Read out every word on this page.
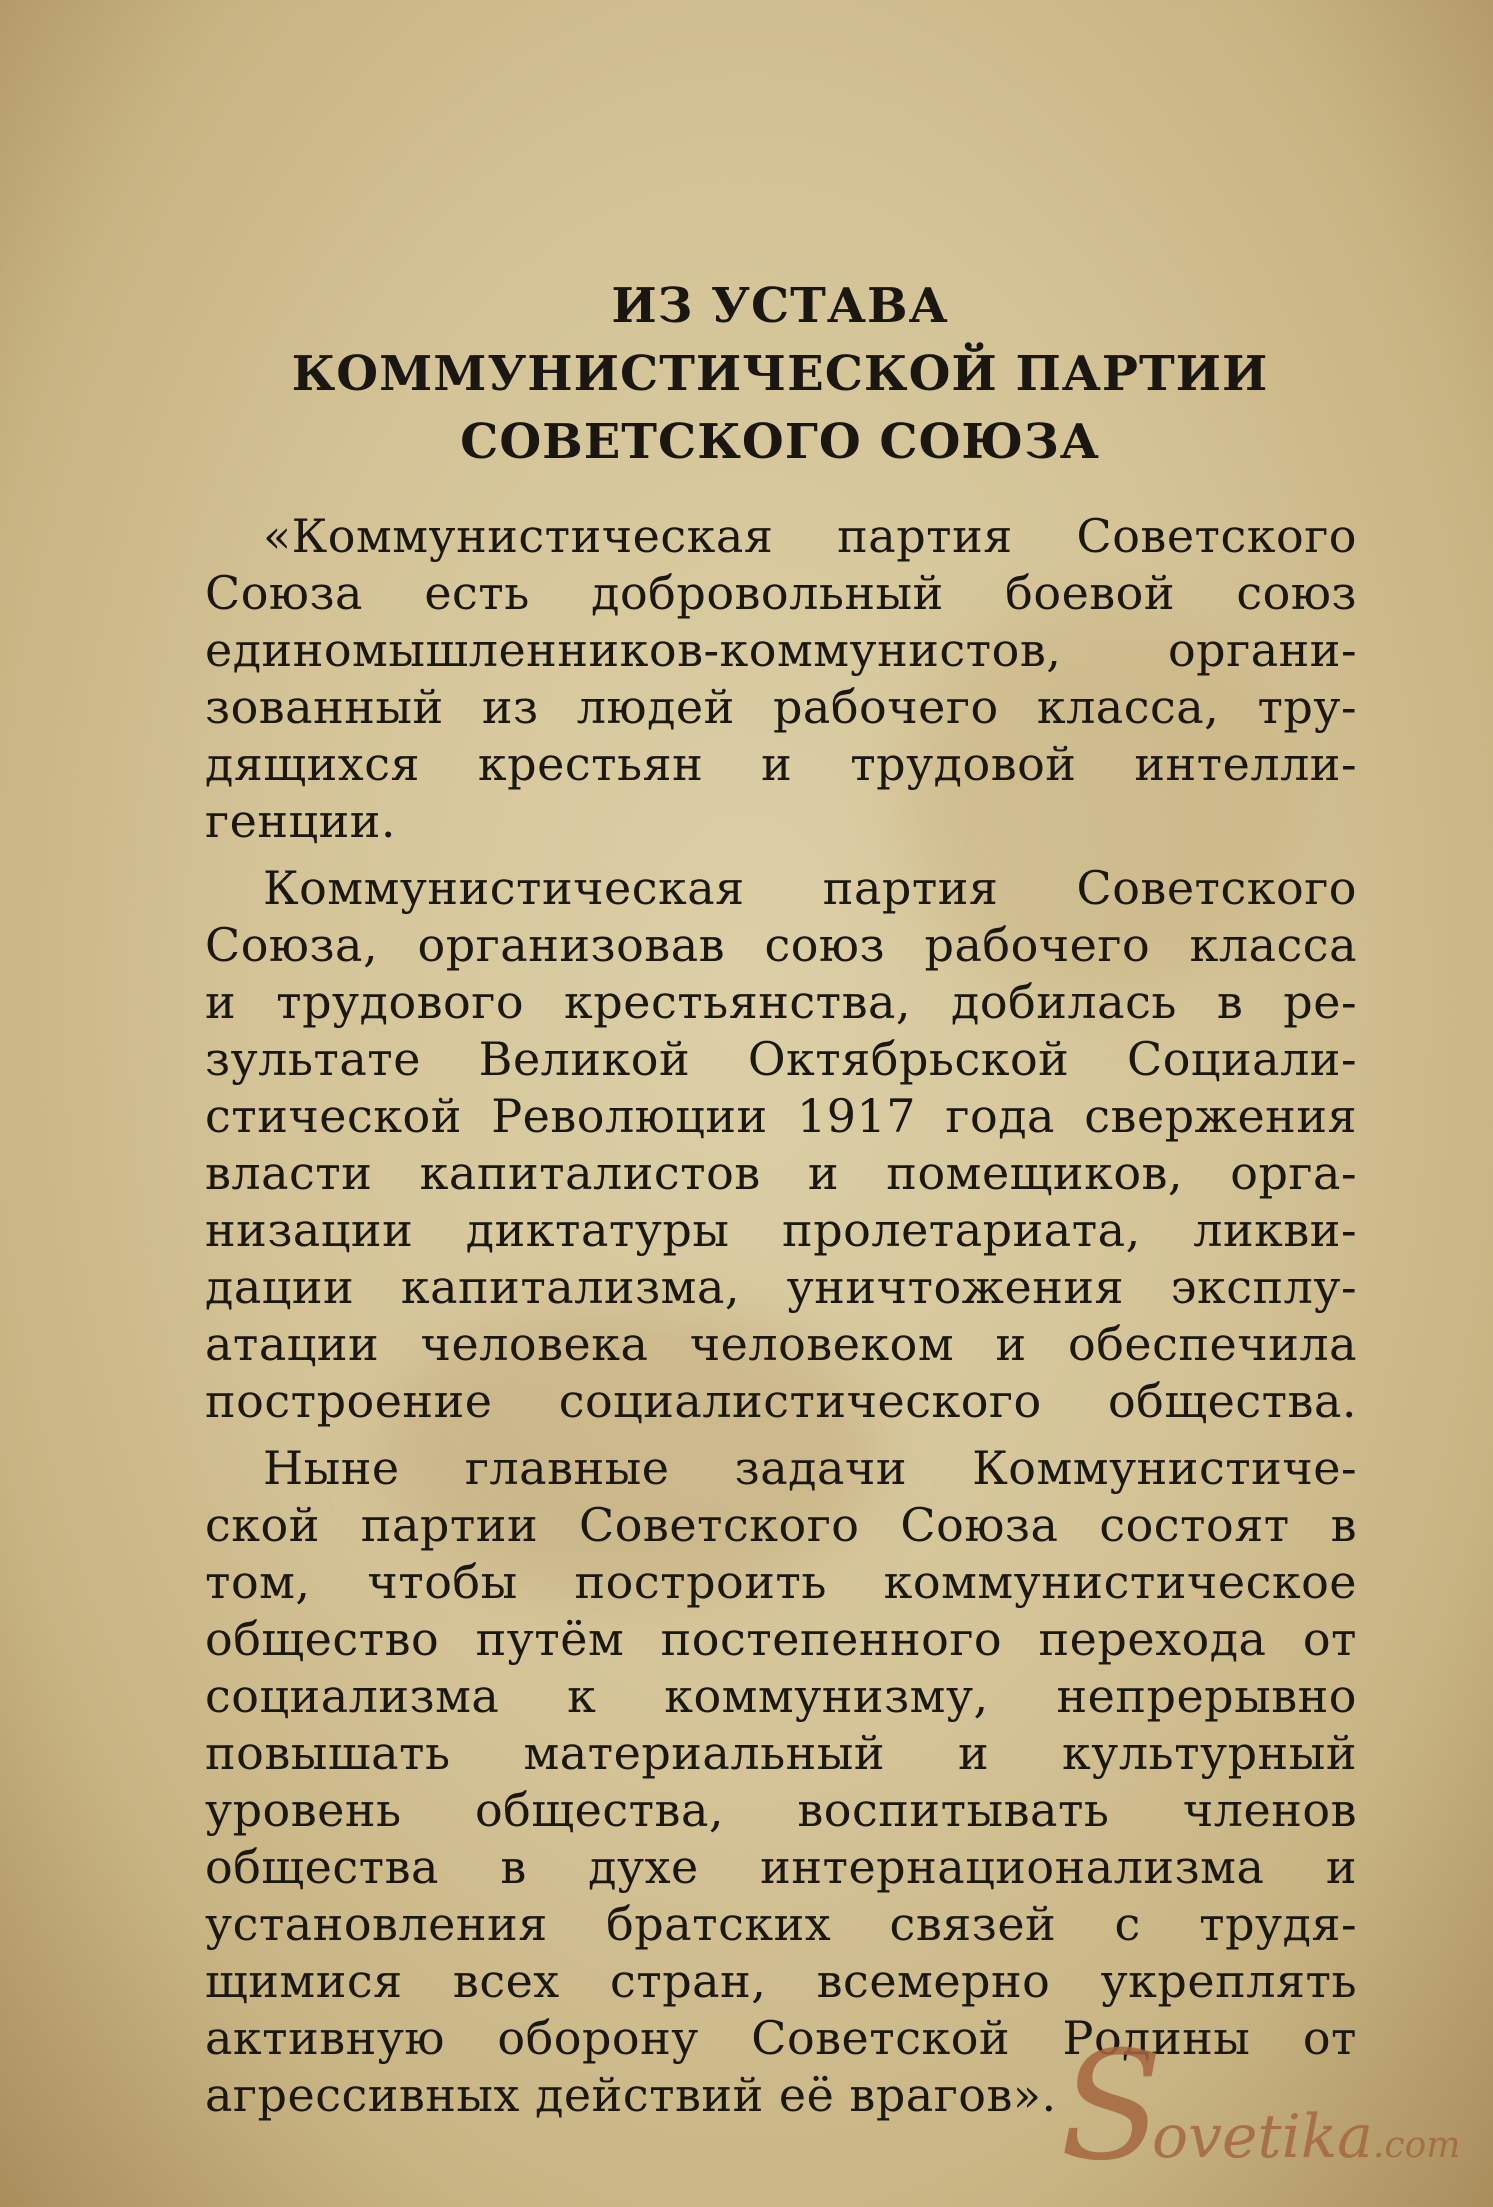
ИЗ УСТАВА
КОММУНИСТИЧЕСКОЙ ПАРТИИ
СОВЕТСКОГО СОЮЗА
«Коммунистическая партия Советского
Союза есть добровольный боевой союз
единомышленников-коммунистов, органи-
зованный из людей рабочего класса, тру-
дящихся крестьян и трудовой интелли-
генции.
Коммунистическая партия Советского
Союза, организовав союз рабочего класса
и трудового крестьянства, добилась в ре-
зультате Великой Октябрьской Социали-
стической Революции 1917 года свержения
власти капиталистов и помещиков, орга-
низации диктатуры пролетариата, ликви-
дации капитализма, уничтожения эксплу-
атации человека человеком и обеспечила
построение социалистического общества.
Ныне главные задачи Коммунистиче-
ской партии Советского Союза состоят в
том, чтобы построить коммунистическое
общество путём постепенного перехода от
социализма к коммунизму, непрерывно
повышать материальный и культурный
уровень общества, воспитывать членов
общества в духе интернационализма и
установления братских связей с трудя-
щимися всех стран, всемерно укреплять
активную оборону Советской Родины от
агрессивных действий её врагов». S
ovetika.com
